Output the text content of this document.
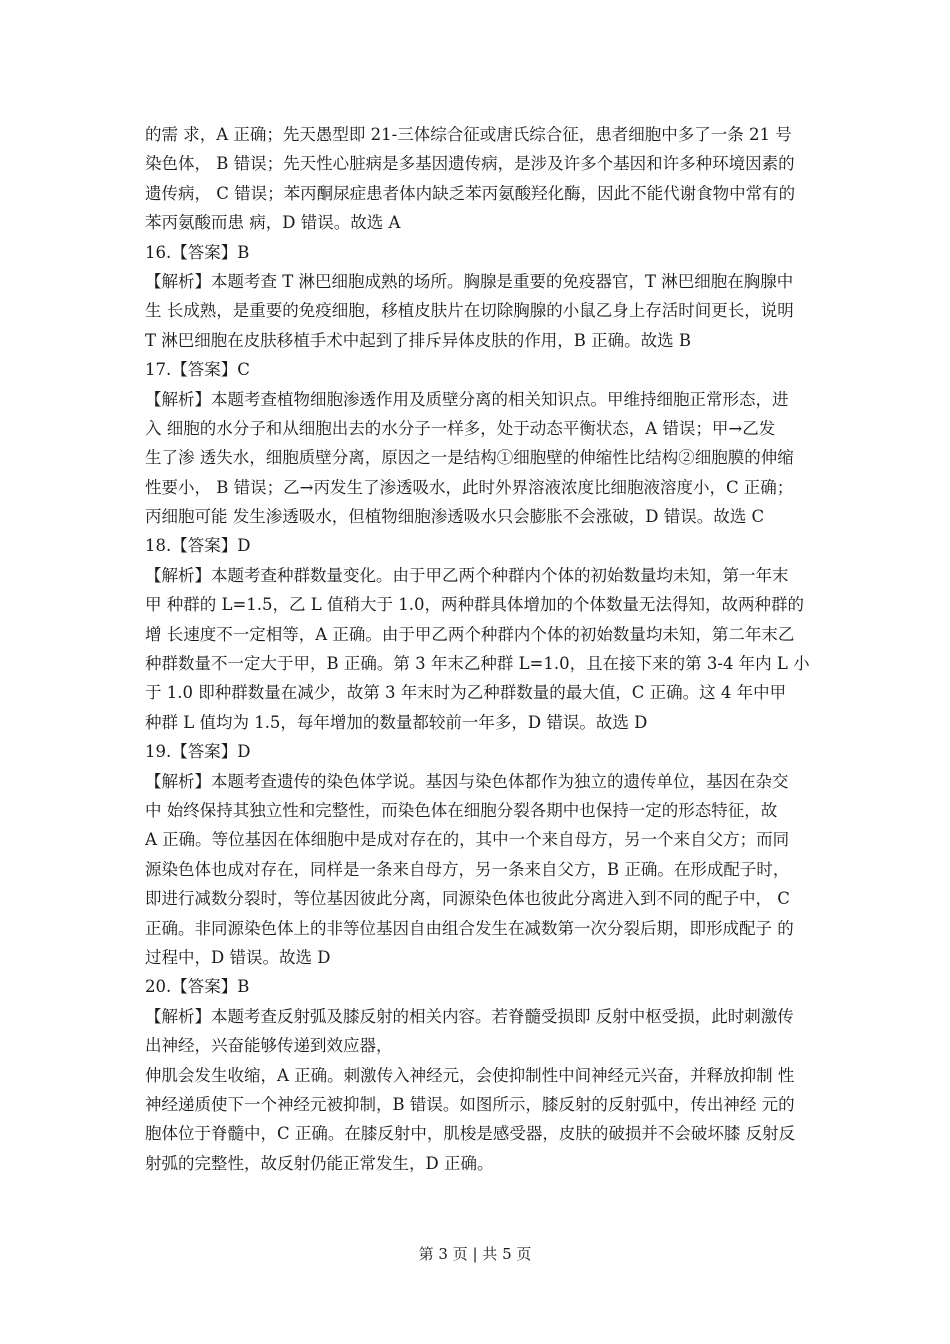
的需 求，A 正确；先天愚型即 21-三体综合征或唐氏综合征，患者细胞中多了一条 21 号
染色体， B 错误；先天性心脏病是多基因遗传病，是涉及许多个基因和许多种环境因素的
遗传病， C 错误；苯丙酮尿症患者体内缺乏苯丙氨酸羟化酶，因此不能代谢食物中常有的
苯丙氨酸而患 病，D 错误。故选 A
16.【答案】B
【解析】本题考查 T 淋巴细胞成熟的场所。胸腺是重要的免疫器官，T 淋巴细胞在胸腺中
生 长成熟，是重要的免疫细胞，移植皮肤片在切除胸腺的小鼠乙身上存活时间更长，说明
T 淋巴细胞在皮肤移植手术中起到了排斥异体皮肤的作用，B 正确。故选 B
17.【答案】C
【解析】本题考查植物细胞渗透作用及质壁分离的相关知识点。甲维持细胞正常形态，进
入 细胞的水分子和从细胞出去的水分子一样多，处于动态平衡状态，A 错误；甲→乙发
生了渗 透失水，细胞质壁分离，原因之一是结构①细胞壁的伸缩性比结构②细胞膜的伸缩
性要小， B 错误；乙→丙发生了渗透吸水，此时外界溶液浓度比细胞液溶度小，C 正确；
丙细胞可能 发生渗透吸水，但植物细胞渗透吸水只会膨胀不会涨破，D 错误。故选 C
18.【答案】D
【解析】本题考查种群数量变化。由于甲乙两个种群内个体的初始数量均未知，第一年末
甲 种群的 L=1.5，乙 L 值稍大于 1.0，两种群具体增加的个体数量无法得知，故两种群的
增 长速度不一定相等，A 正确。由于甲乙两个种群内个体的初始数量均未知，第二年末乙
种群数量不一定大于甲，B 正确。第 3 年末乙种群 L=1.0，且在接下来的第 3-4 年内 L 小
于 1.0 即种群数量在减少，故第 3 年末时为乙种群数量的最大值，C 正确。这 4 年中甲
种群 L 值均为 1.5，每年增加的数量都较前一年多，D 错误。故选 D
19.【答案】D
【解析】本题考查遗传的染色体学说。基因与染色体都作为独立的遗传单位，基因在杂交
中 始终保持其独立性和完整性，而染色体在细胞分裂各期中也保持一定的形态特征，故
A 正确。等位基因在体细胞中是成对存在的，其中一个来自母方，另一个来自父方；而同
源染色体也成对存在，同样是一条来自母方，另一条来自父方，B 正确。在形成配子时，
即进行减数分裂时，等位基因彼此分离，同源染色体也彼此分离进入到不同的配子中， C
正确。非同源染色体上的非等位基因自由组合发生在减数第一次分裂后期，即形成配子 的
过程中，D 错误。故选 D
20.【答案】B
【解析】本题考查反射弧及膝反射的相关内容。若脊髓受损即 反射中枢受损，此时刺激传
出神经，兴奋能够传递到效应器，
伸肌会发生收缩，A 正确。刺激传入神经元，会使抑制性中间神经元兴奋，并释放抑制 性
神经递质使下一个神经元被抑制，B 错误。如图所示，膝反射的反射弧中，传出神经 元的
胞体位于脊髓中，C 正确。在膝反射中，肌梭是感受器，皮肤的破损并不会破坏膝 反射反
射弧的完整性，故反射仍能正常发生，D 正确。
第 3 页 | 共 5 页
